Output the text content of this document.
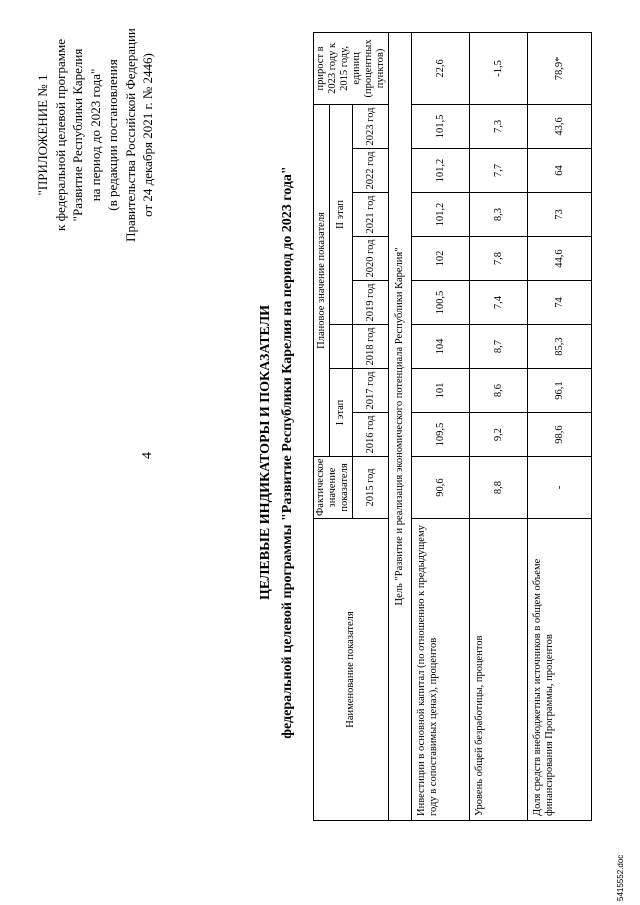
4
"ПРИЛОЖЕНИЕ № 1 к федеральной целевой программе "Развитие Республики Карелия на период до 2023 года" (в редакции постановления Правительства Российской Федерации от 24 декабря 2021 г. № 2446)
ЦЕЛЕВЫЕ ИНДИКАТОРЫ И ПОКАЗАТЕЛИ федеральной целевой программы "Развитие Республики Карелия на период до 2023 года"	Наименование показателя	Фактическое значение показателя	Плановое значение показателя								прирост в 2023 году к 2015 году, единиц (процентных пунктов)
		I этап			II этап					
	2015 год	2016 год	2017 год	2018 год	2019 год	2020 год	2021 год	2022 год	2023 год	

Цель "Развитие и реализация экономического потенциала Республики Карелия"										
Инвестиции в основной капитал (по отношению к предыдущему году в сопоставимых ценах), процентов	90,6	109,5	101	104	100,5	102	101,2	101,2	101,5	22,6
Уровень общей безработицы, процентов	8,8	9,2	8,6	8,7	7,4	7,8	8,3	7,7	7,3	-1,5
Доля средств внебюджетных источников в общем объеме финансирования Программы, процентов	-	98,6	96,1	85,3	74	44,6	73	64	43,6	78,9*
5415552.doc
